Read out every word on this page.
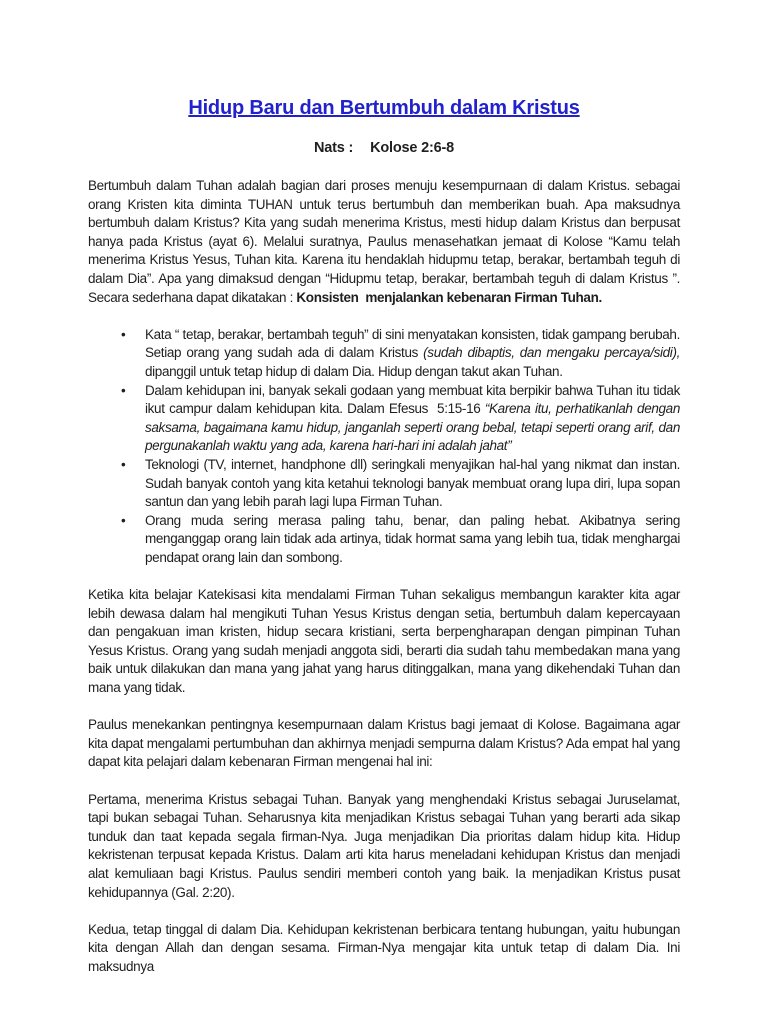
Hidup Baru dan Bertumbuh dalam Kristus

Nats : Kolose 2:6-8

Bertumbuh dalam Tuhan adalah bagian dari proses menuju kesempurnaan di dalam Kristus. sebagai orang Kristen kita diminta TUHAN untuk terus bertumbuh dan memberikan buah. Apa maksudnya bertumbuh dalam Kristus? Kita yang sudah menerima Kristus, mesti hidup dalam Kristus dan berpusat hanya pada Kristus (ayat 6). Melalui suratnya, Paulus menasehatkan jemaat di Kolose “Kamu telah menerima Kristus Yesus, Tuhan kita. Karena itu hendaklah hidupmu tetap, berakar, bertambah teguh di dalam Dia”. Apa yang dimaksud dengan “Hidupmu tetap, berakar, bertambah teguh di dalam Kristus ”. Secara sederhana dapat dikatakan : Konsisten  menjalankan kebenaran Firman Tuhan.

• Kata “ tetap, berakar, bertambah teguh” di sini menyatakan konsisten, tidak gampang berubah. Setiap orang yang sudah ada di dalam Kristus (sudah dibaptis, dan mengaku percaya/sidi), dipanggil untuk tetap hidup di dalam Dia. Hidup dengan takut akan Tuhan.
• Dalam kehidupan ini, banyak sekali godaan yang membuat kita berpikir bahwa Tuhan itu tidak ikut campur dalam kehidupan kita. Dalam Efesus  5:15-16 “Karena itu, perhatikanlah dengan saksama, bagaimana kamu hidup, janganlah seperti orang bebal, tetapi seperti orang arif, dan pergunakanlah waktu yang ada, karena hari-hari ini adalah jahat”
• Teknologi (TV, internet, handphone dll) seringkali menyajikan hal-hal yang nikmat dan instan. Sudah banyak contoh yang kita ketahui teknologi banyak membuat orang lupa diri, lupa sopan santun dan yang lebih parah lagi lupa Firman Tuhan.
• Orang muda sering merasa paling tahu, benar, dan paling hebat. Akibatnya sering menganggap orang lain tidak ada artinya, tidak hormat sama yang lebih tua, tidak menghargai pendapat orang lain dan sombong.

Ketika kita belajar Katekisasi kita mendalami Firman Tuhan sekaligus membangun karakter kita agar lebih dewasa dalam hal mengikuti Tuhan Yesus Kristus dengan setia, bertumbuh dalam kepercayaan dan pengakuan iman kristen, hidup secara kristiani, serta berpengharapan dengan pimpinan Tuhan Yesus Kristus. Orang yang sudah menjadi anggota sidi, berarti dia sudah tahu membedakan mana yang baik untuk dilakukan dan mana yang jahat yang harus ditinggalkan, mana yang dikehendaki Tuhan dan mana yang tidak.

Paulus menekankan pentingnya kesempurnaan dalam Kristus bagi jemaat di Kolose. Bagaimana agar kita dapat mengalami pertumbuhan dan akhirnya menjadi sempurna dalam Kristus? Ada empat hal yang dapat kita pelajari dalam kebenaran Firman mengenai hal ini:

Pertama, menerima Kristus sebagai Tuhan. Banyak yang menghendaki Kristus sebagai Juruselamat, tapi bukan sebagai Tuhan. Seharusnya kita menjadikan Kristus sebagai Tuhan yang berarti ada sikap tunduk dan taat kepada segala firman-Nya. Juga menjadikan Dia prioritas dalam hidup kita. Hidup kekristenan terpusat kepada Kristus. Dalam arti kita harus meneladani kehidupan Kristus dan menjadi alat kemuliaan bagi Kristus. Paulus sendiri memberi contoh yang baik. Ia menjadikan Kristus pusat kehidupannya (Gal. 2:20).

Kedua, tetap tinggal di dalam Dia. Kehidupan kekristenan berbicara tentang hubungan, yaitu hubungan kita dengan Allah dan dengan sesama. Firman-Nya mengajar kita untuk tetap di dalam Dia. Ini maksudnya
